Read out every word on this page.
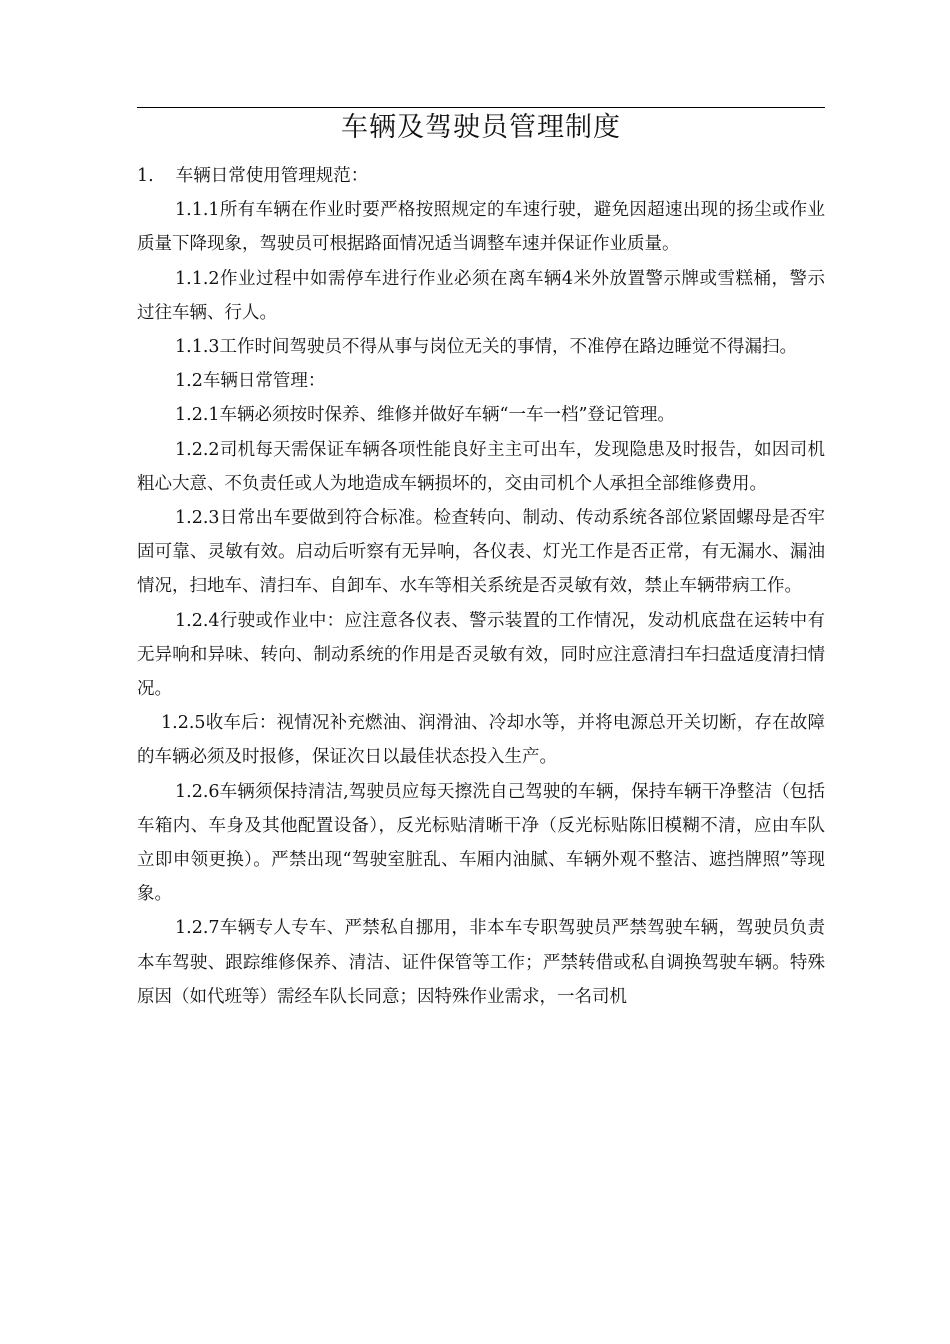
车辆及驾驶员管理制度

1. 车辆日常使用管理规范：

1.1.1所有车辆在作业时要严格按照规定的车速行驶，避免因超速出现的扬尘或作业质量下降现象，驾驶员可根据路面情况适当调整车速并保证作业质量。

1.1.2作业过程中如需停车进行作业必须在离车辆4米外放置警示牌或雪糕桶，警示过往车辆、行人。

1.1.3工作时间驾驶员不得从事与岗位无关的事情，不准停在路边睡觉不得漏扫。

1.2车辆日常管理：

1.2.1车辆必须按时保养、维修并做好车辆“一车一档”登记管理。

1.2.2司机每天需保证车辆各项性能良好主主可出车，发现隐患及时报告，如因司机粗心大意、不负责任或人为地造成车辆损坏的，交由司机个人承担全部维修费用。

1.2.3日常出车要做到符合标准。检查转向、制动、传动系统各部位紧固螺母是否牢固可靠、灵敏有效。启动后听察有无异响，各仪表、灯光工作是否正常，有无漏水、漏油情况，扫地车、清扫车、自卸车、水车等相关系统是否灵敏有效，禁止车辆带病工作。

1.2.4行驶或作业中：应注意各仪表、警示装置的工作情况，发动机底盘在运转中有无异响和异味、转向、制动系统的作用是否灵敏有效，同时应注意清扫车扫盘适度清扫情况。

1.2.5收车后：视情况补充燃油、润滑油、冷却水等，并将电源总开关切断，存在故障的车辆必须及时报修，保证次日以最佳状态投入生产。

1.2.6车辆须保持清洁,驾驶员应每天擦洗自己驾驶的车辆，保持车辆干净整洁（包括车箱内、车身及其他配置设备），反光标贴清晰干净（反光标贴陈旧模糊不清，应由车队立即申领更换）。严禁出现“驾驶室脏乱、车厢内油腻、车辆外观不整洁、遮挡牌照”等现象。

1.2.7车辆专人专车、严禁私自挪用，非本车专职驾驶员严禁驾驶车辆，驾驶员负责本车驾驶、跟踪维修保养、清洁、证件保管等工作；严禁转借或私自调换驾驶车辆。特殊原因（如代班等）需经车队长同意；因特殊作业需求，一名司机
